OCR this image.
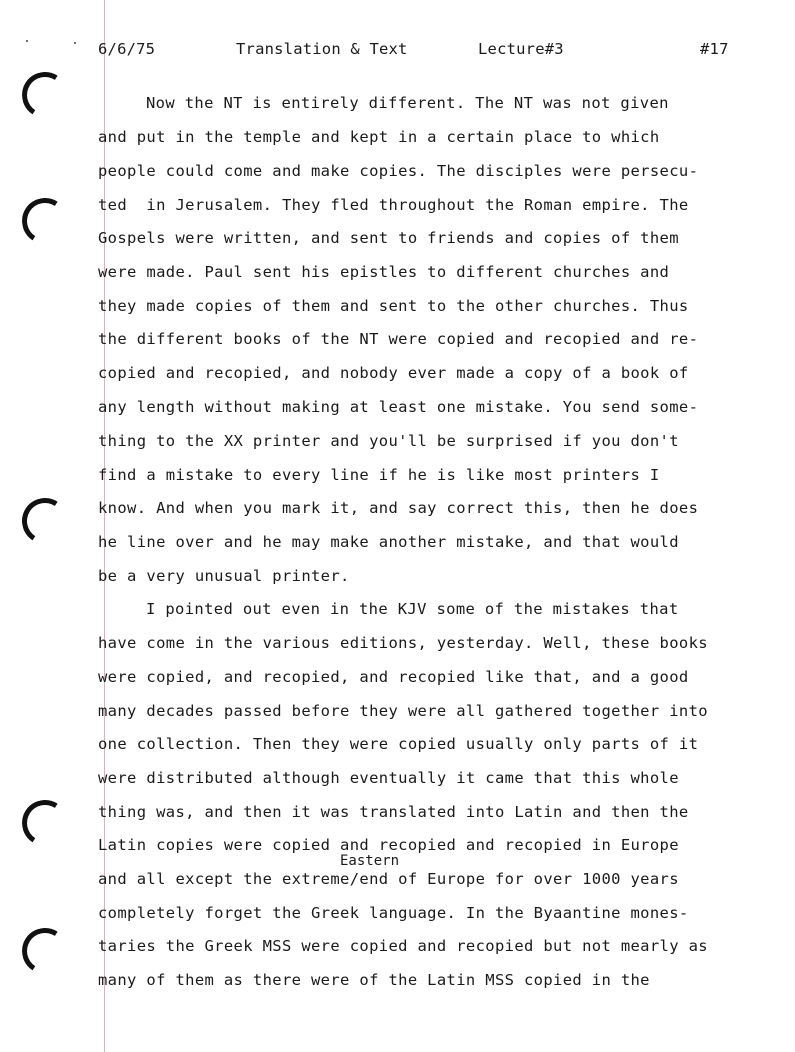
6/6/75	Translation & Text	Lecture#3	#17
Now the NT is entirely different. The NT was not given
and put in the temple and kept in a certain place to which
people could come and make copies. The disciples were persecu-
ted  in Jerusalem. They fled throughout the Roman empire. The
Gospels were written, and sent to friends and copies of them
were made. Paul sent his epistles to different churches and
they made copies of them and sent to the other churches. Thus
the different books of the NT were copied and recopied and re-
copied and recopied, and nobody ever made a copy of a book of
any length without making at least one mistake. You send some-
thing to the XX printer and you'll be surprised if you don't
find a mistake to every line if he is like most printers I
know. And when you mark it, and say correct this, then he does
he line over and he may make another mistake, and that would
be a very unusual printer.
I pointed out even in the KJV some of the mistakes that
have come in the various editions, yesterday. Well, these books
were copied, and recopied, and recopied like that, and a good
many decades passed before they were all gathered together into
one collection. Then they were copied usually only parts of it
were distributed although eventually it came that this whole
thing was, and then it was translated into Latin and then the
Latin copies were copied and recopied and recopied in Europe
Eastern
and all except the extreme/end of Europe for over 1000 years
completely forget the Greek language. In the Byaantine mones-
taries the Greek MSS were copied and recopied but not mearly as
many of them as there were of the Latin MSS copied in the
